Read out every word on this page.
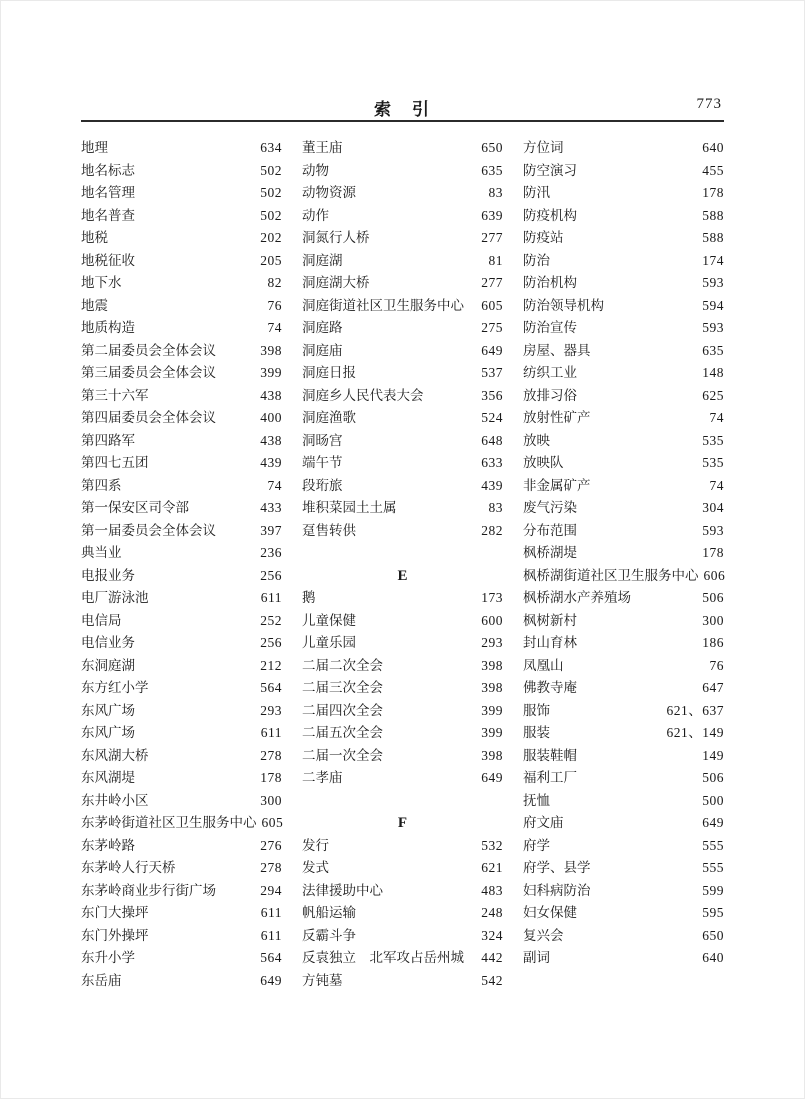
索　引	773
地理	634
地名标志	502
地名管理	502
地名普查	502
地税	202
地税征收	205
地下水	82
地震	76
地质构造	74
第二届委员会全体会议	398
第三届委员会全体会议	399
第三十六军	438
第四届委员会全体会议	400
第四路军	438
第四七五团	439
第四系	74
第一保安区司令部	433
第一届委员会全体会议	397
典当业	236
电报业务	256
电厂游泳池	611
电信局	252
电信业务	256
东洞庭湖	212
东方红小学	564
东风广场	293
东风广场	611
东风湖大桥	278
东风湖堤	178
东井岭小区	300
东茅岭街道社区卫生服务中心 605
东茅岭路	276
东茅岭人行天桥	278
东茅岭商业步行街广场	294
东门大操坪	611
东门外操坪	611
东升小学	564
东岳庙	649
董王庙	650
动物	635
动物资源	83
动作	639
洞氮行人桥	277
洞庭湖	81
洞庭湖大桥	277
洞庭街道社区卫生服务中心	605
洞庭路	275
洞庭庙	649
洞庭日报	537
洞庭乡人民代表大会	356
洞庭渔歌	524
洞旸宫	648
端午节	633
段珩旅	439
堆积菜园土土属	83
趸售转供	282
E
鹅	173
儿童保健	600
儿童乐园	293
二届二次全会	398
二届三次全会	398
二届四次全会	399
二届五次全会	399
二届一次全会	398
二孝庙	649
F
发行	532
发式	621
法律援助中心	483
帆船运输	248
反霸斗争	324
反袁独立　北军攻占岳州城	442
方钝墓	542
方位词	640
防空演习	455
防汛	178
防疫机构	588
防疫站	588
防治	174
防治机构	593
防治领导机构	594
防治宣传	593
房屋、器具	635
纺织工业	148
放排习俗	625
放射性矿产	74
放映	535
放映队	535
非金属矿产	74
废气污染	304
分布范围	593
枫桥湖堤	178
枫桥湖街道社区卫生服务中心 606
枫桥湖水产养殖场	506
枫树新村	300
封山育林	186
凤凰山	76
佛教寺庵	647
服饰	621、637
服装	621、149
服装鞋帽	149
福利工厂	506
抚恤	500
府文庙	649
府学	555
府学、县学	555
妇科病防治	599
妇女保健	595
复兴会	650
副词	640
